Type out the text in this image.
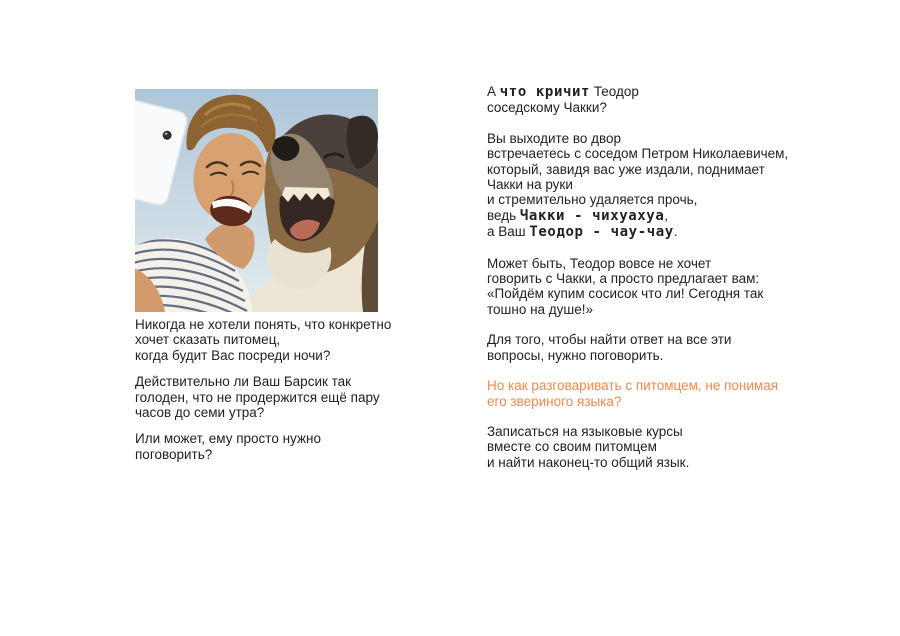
Никогда не хотели понять, что конкретно
хочет сказать питомец,
когда будит Вас посреди ночи?

Действительно ли Ваш Барсик так
голоден, что не продержится ещё пару
часов до семи утра?

Или может, ему просто нужно
поговорить?

А что кричит Теодор
соседскому Чакки?

Вы выходите во двор
встречаетесь с соседом Петром Николаевичем,
который, завидя вас уже издали, поднимает
Чакки на руки
и стремительно удаляется прочь,
ведь Чакки - чихуахуа,
а Ваш Теодор - чау-чау.

Может быть, Теодор вовсе не хочет
говорить с Чакки, а просто предлагает вам:
«Пойдём купим сосисок что ли! Сегодня так
тошно на душе!»

Для того, чтобы найти ответ на все эти
вопросы, нужно поговорить.

Но как разговаривать с питомцем, не понимая
его звериного языка?

Записаться на языковые курсы
вместе со своим питомцем
и найти наконец-то общий язык.
